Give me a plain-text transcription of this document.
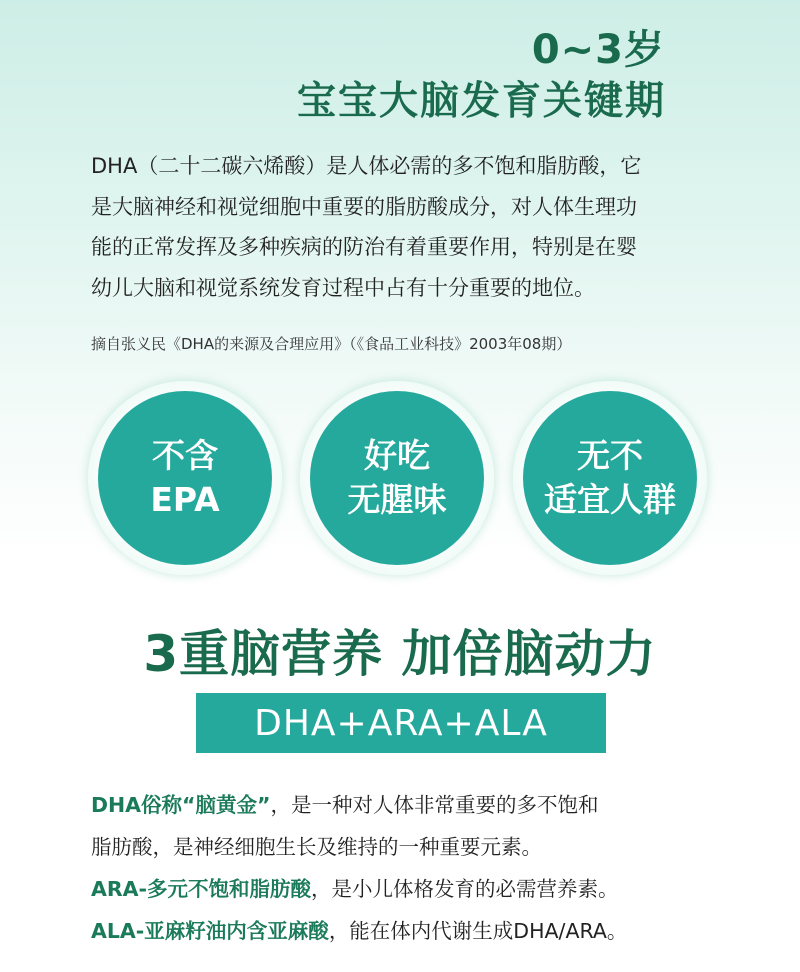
0~3岁
宝宝大脑发育关键期

DHA（二十二碳六烯酸）是人体必需的多不饱和脂肪酸，它

是大脑神经和视觉细胞中重要的脂肪酸成分，对人体生理功

能的正常发挥及多种疾病的防治有着重要作用，特别是在婴

幼儿大脑和视觉系统发育过程中占有十分重要的地位。

摘自张义民《DHA的来源及合理应用》（《食品工业科技》2003年08期）
不含
EPA
好吃
无腥味
无不
适宜人群
3重脑营养 加倍脑动力
DHA+ARA+ALA

DHA俗称“脑黄金”，是一种对人体非常重要的多不饱和

脂肪酸，是神经细胞生长及维持的一种重要元素。

ARA-多元不饱和脂肪酸，是小儿体格发育的必需营养素。

ALA-亚麻籽油内含亚麻酸，能在体内代谢生成DHA/ARA。
